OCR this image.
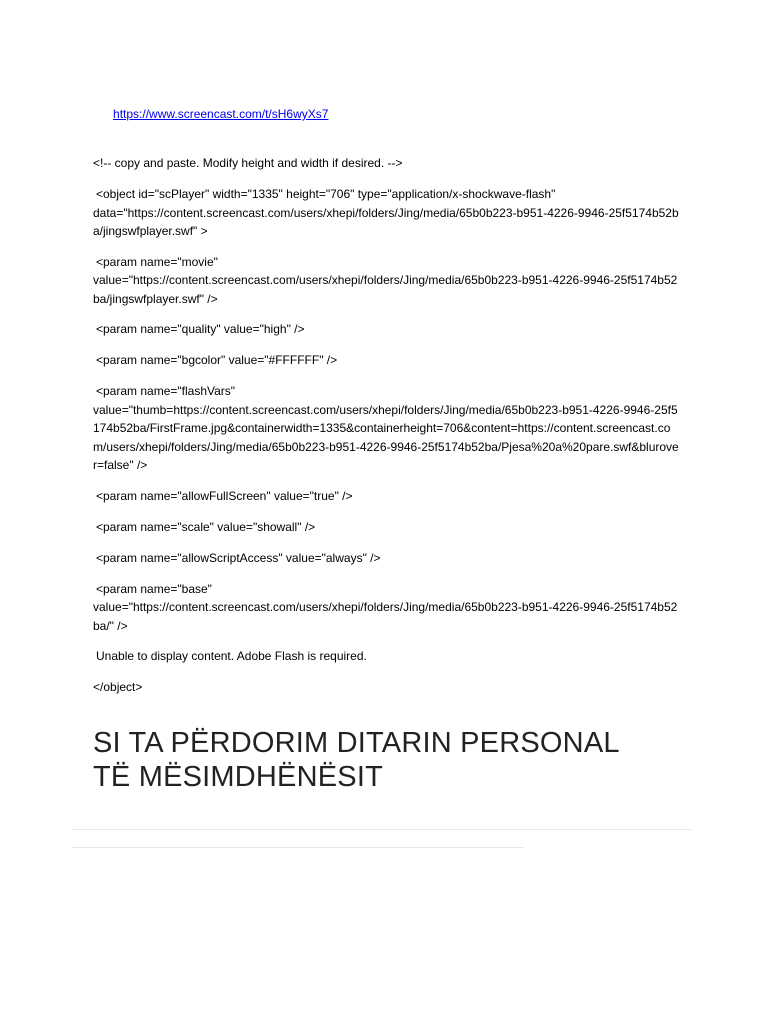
https://www.screencast.com/t/sH6wyXs7

<!-- copy and paste. Modify height and width if desired. -->

<object id="scPlayer" width="1335" height="706" type="application/x-shockwave-flash"
data="https://content.screencast.com/users/xhepi/folders/Jing/media/65b0b223-b951-4226-9946-25f5174b52ba/jingswfplayer.swf" >
<param name="movie"
value="https://content.screencast.com/users/xhepi/folders/Jing/media/65b0b223-b951-4226-9946-25f5174b52ba/jingswfplayer.swf" />

<param name="quality" value="high" />

<param name="bgcolor" value="#FFFFFF" />

<param name="flashVars"
value="thumb=https://content.screencast.com/users/xhepi/folders/Jing/media/65b0b223-b951-4226-9946-25f5174b52ba/FirstFrame.jpg&containerwidth=1335&containerheight=706&content=https://content.screencast.com/users/xhepi/folders/Jing/media/65b0b223-b951-4226-9946-25f5174b52ba/Pjesa%20a%20pare.swf&blurover=false" />

<param name="allowFullScreen" value="true" />

<param name="scale" value="showall" />

<param name="allowScriptAccess" value="always" />

<param name="base"
value="https://content.screencast.com/users/xhepi/folders/Jing/media/65b0b223-b951-4226-9946-25f5174b52ba/" />

Unable to display content. Adobe Flash is required.

</object>

SI TA PËRDORIM DITARIN PERSONAL
TË MËSIMDHËNËSIT
